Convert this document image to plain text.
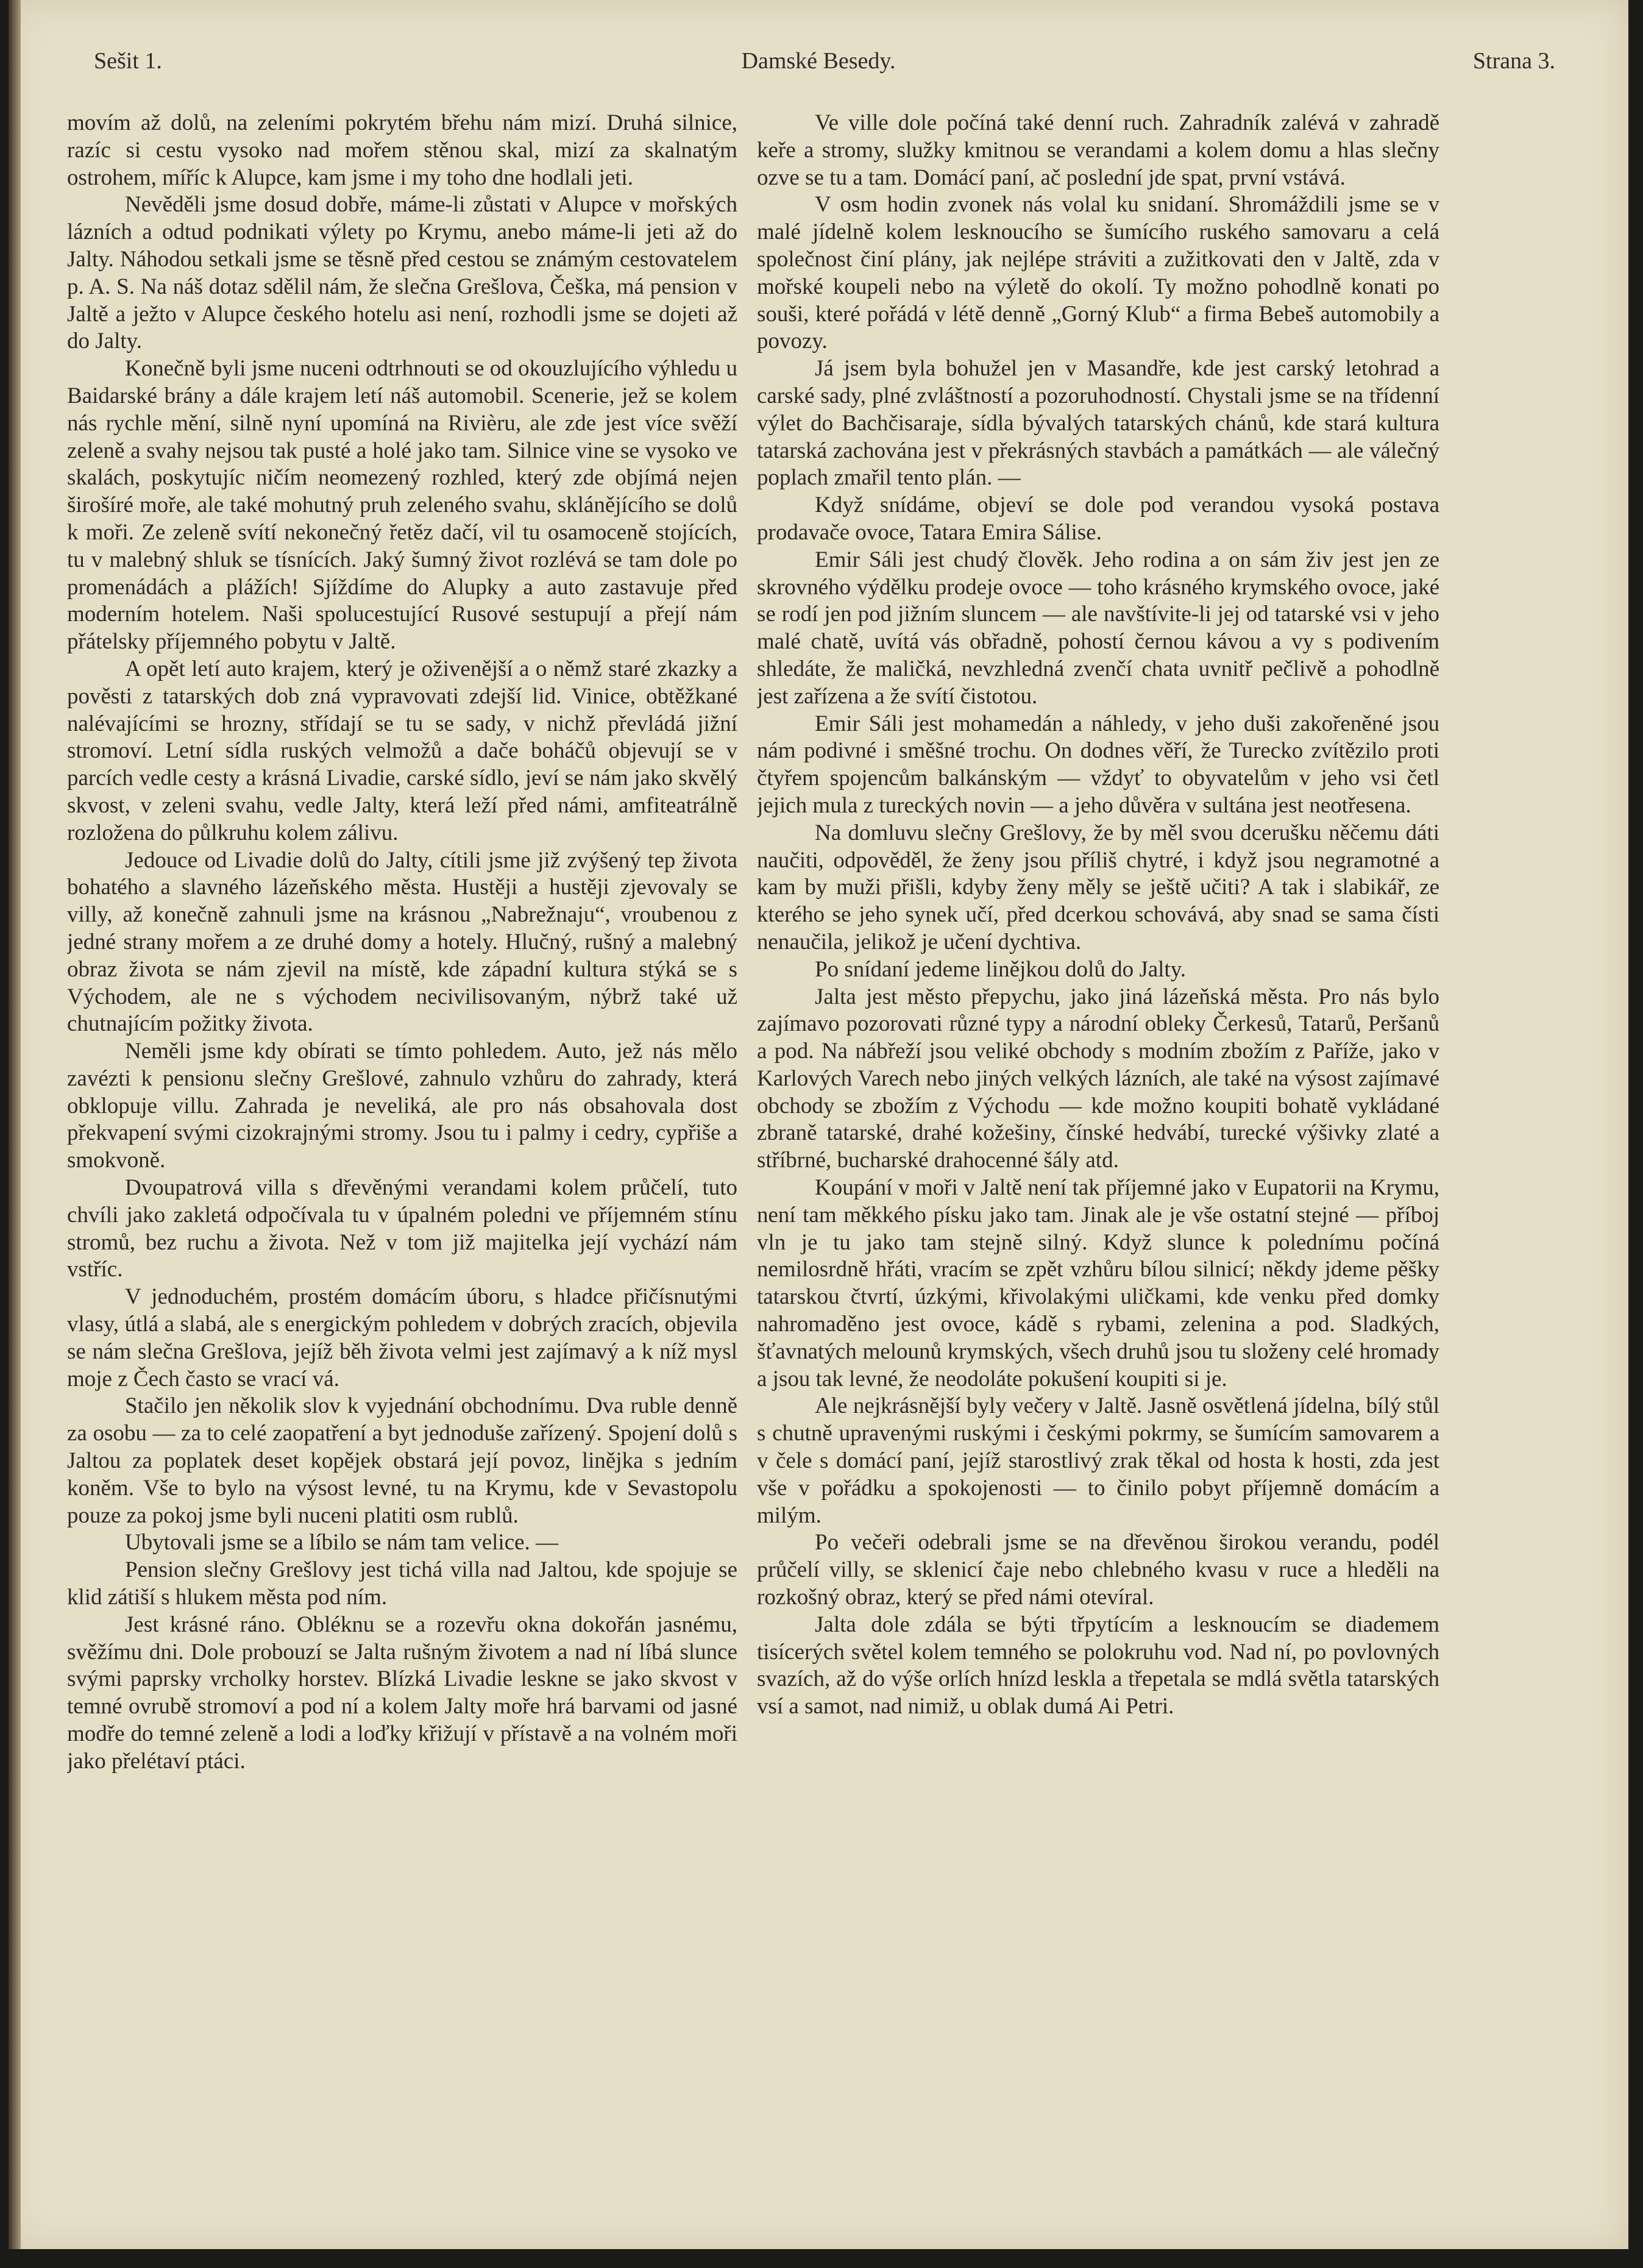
Sešit 1.	Damské Besedy.	Strana 3.

movím až dolů, na zeleními pokrytém břehu nám mizí. Druhá silnice, razíc si cestu vysoko nad mořem stěnou skal, mizí za skalnatým ostrohem, míříc k Alupce, kam jsme i my toho dne hodlali jeti.

Nevěděli jsme dosud dobře, máme-li zůstati v Alupce v mořských lázních a odtud podnikati výlety po Krymu, anebo máme-li jeti až do Jalty. Náhodou setkali jsme se těsně před cestou se známým cestovatelem p. A. S. Na náš dotaz sdělil nám, že slečna Grešlova, Češka, má pension v Jaltě a ježto v Alupce českého hotelu asi není, rozhodli jsme se dojeti až do Jalty.

Konečně byli jsme nuceni odtrhnouti se od okouzlujícího výhledu u Baidarské brány a dále krajem letí náš automobil. Scenerie, jež se kolem nás rychle mění, silně nyní upomíná na Rivièru, ale zde jest více svěží zeleně a svahy nejsou tak pusté a holé jako tam. Silnice vine se vysoko ve skalách, poskytujíc ničím neomezený rozhled, který zde objímá nejen širošíré moře, ale také mohutný pruh zeleného svahu, sklánějícího se dolů k moři. Ze zeleně svítí nekonečný řetěz dačí, vil tu osamoceně stojících, tu v malebný shluk se tísnících. Jaký šumný život rozlévá se tam dole po promenádách a plážích! Sjíždíme do Alupky a auto zastavuje před moderním hotelem. Naši spolucestující Rusové sestupují a přejí nám přátelsky příjemného pobytu v Jaltě.

A opět letí auto krajem, který je oživenější a o němž staré zkazky a pověsti z tatarských dob zná vypravovati zdejší lid. Vinice, obtěžkané nalévajícími se hrozny, střídají se tu se sady, v nichž převládá jižní stromoví. Letní sídla ruských velmožů a dače boháčů objevují se v parcích vedle cesty a krásná Livadie, carské sídlo, jeví se nám jako skvělý skvost, v zeleni svahu, vedle Jalty, která leží před námi, amfiteatrálně rozložena do půlkruhu kolem zálivu.

Jedouce od Livadie dolů do Jalty, cítili jsme již zvýšený tep života bohatého a slavného lázeňského města. Hustěji a hustěji zjevovaly se villy, až konečně zahnuli jsme na krásnou „Nabrežnaju“, vroubenou z jedné strany mořem a ze druhé domy a hotely. Hlučný, rušný a malebný obraz života se nám zjevil na místě, kde západní kultura stýká se s Východem, ale ne s východem necivilisovaným, nýbrž také už chutnajícím požitky života.

Neměli jsme kdy obírati se tímto pohledem. Auto, jež nás mělo zavézti k pensionu slečny Grešlové, zahnulo vzhůru do zahrady, která obklopuje villu. Zahrada je neveliká, ale pro nás obsahovala dost překvapení svými cizokrajnými stromy. Jsou tu i palmy i cedry, cypřiše a smokvoně.

Dvoupatrová villa s dřevěnými verandami kolem průčelí, tuto chvíli jako zakletá odpočívala tu v úpalném poledni ve příjemném stínu stromů, bez ruchu a života. Než v tom již majitelka její vychází nám vstříc.

V jednoduchém, prostém domácím úboru, s hladce přičísnutými vlasy, útlá a slabá, ale s energickým pohledem v dobrých zracích, objevila se nám slečna Grešlova, jejíž běh života velmi jest zajímavý a k níž mysl moje z Čech často se vrací vá.

Stačilo jen několik slov k vyjednání obchodnímu. Dva ruble denně za osobu — za to celé zaopatření a byt jednoduše zařízený. Spojení dolů s Jaltou za poplatek deset kopějek obstará její povoz, linějka s jedním koněm. Vše to bylo na výsost levné, tu na Krymu, kde v Sevastopolu pouze za pokoj jsme byli nuceni platiti osm rublů.

Ubytovali jsme se a líbilo se nám tam velice. —

Pension slečny Grešlovy jest tichá villa nad Jaltou, kde spojuje se klid zátiší s hlukem města pod ním.

Jest krásné ráno. Obléknu se a rozevřu okna dokořán jasnému, svěžímu dni. Dole probouzí se Jalta rušným životem a nad ní líbá slunce svými paprsky vrcholky horstev. Blízká Livadie leskne se jako skvost v temné ovrubě stromoví a pod ní a kolem Jalty moře hrá barvami od jasné modře do temné zeleně a lodi a loďky křižují v přístavě a na volném moři jako přelétaví ptáci.

Ve ville dole počíná také denní ruch. Zahradník zalévá v zahradě keře a stromy, služky kmitnou se verandami a kolem domu a hlas slečny ozve se tu a tam. Domácí paní, ač poslední jde spat, první vstává.

V osm hodin zvonek nás volal ku snidaní. Shromáždili jsme se v malé jídelně kolem lesknoucího se šumícího ruského samovaru a celá společnost činí plány, jak nejlépe stráviti a zužitkovati den v Jaltě, zda v mořské koupeli nebo na výletě do okolí. Ty možno pohodlně konati po souši, které pořádá v létě denně „Gorný Klub“ a firma Bebeš automobily a povozy.

Já jsem byla bohužel jen v Masandře, kde jest carský letohrad a carské sady, plné zvláštností a pozoruhodností. Chystali jsme se na třídenní výlet do Bachčisaraje, sídla bývalých tatarských chánů, kde stará kultura tatarská zachována jest v překrásných stavbách a památkách — ale válečný poplach zmařil tento plán. —

Když snídáme, objeví se dole pod verandou vysoká postava prodavače ovoce, Tatara Emira Sálise.

Emir Sáli jest chudý člověk. Jeho rodina a on sám živ jest jen ze skrovného výdělku prodeje ovoce — toho krásného krymského ovoce, jaké se rodí jen pod jižním sluncem — ale navštívite-li jej od tatarské vsi v jeho malé chatě, uvítá vás obřadně, pohostí černou kávou a vy s podivením shledáte, že maličká, nevzhledná zvenčí chata uvnitř pečlivě a pohodlně jest zařízena a že svítí čistotou.

Emir Sáli jest mohamedán a náhledy, v jeho duši zakořeněné jsou nám podivné i směšné trochu. On dodnes věří, že Turecko zvítězilo proti čtyřem spojencům balkánským — vždyť to obyvatelům v jeho vsi četl jejich mula z tureckých novin — a jeho důvěra v sultána jest neotřesena.

Na domluvu slečny Grešlovy, že by měl svou dcerušku něčemu dáti naučiti, odpověděl, že ženy jsou příliš chytré, i když jsou negramotné a kam by muži přišli, kdyby ženy měly se ještě učiti? A tak i slabikář, ze kterého se jeho synek učí, před dcerkou schovává, aby snad se sama čísti nenaučila, jelikož je učení dychtiva.

Po snídaní jedeme linějkou dolů do Jalty.

Jalta jest město přepychu, jako jiná lázeňská města. Pro nás bylo zajímavo pozorovati různé typy a národní obleky Čerkesů, Tatarů, Peršanů a pod. Na nábřeží jsou veliké obchody s modním zbožím z Paříže, jako v Karlových Varech nebo jiných velkých lázních, ale také na výsost zajímavé obchody se zbožím z Východu — kde možno koupiti bohatě vykládané zbraně tatarské, drahé kožešiny, čínské hedvábí, turecké výšivky zlaté a stříbrné, bucharské drahocenné šály atd.

Koupání v moři v Jaltě není tak příjemné jako v Eupatorii na Krymu, není tam měkkého písku jako tam. Jinak ale je vše ostatní stejné — příboj vln je tu jako tam stejně silný. Když slunce k polednímu počíná nemilosrdně hřáti, vracím se zpět vzhůru bílou silnicí; někdy jdeme pěšky tatarskou čtvrtí, úzkými, křivolakými uličkami, kde venku před domky nahromaděno jest ovoce, kádě s rybami, zelenina a pod. Sladkých, šťavnatých melounů krymských, všech druhů jsou tu složeny celé hromady a jsou tak levné, že neodoláte pokušení koupiti si je.

Ale nejkrásnější byly večery v Jaltě. Jasně osvětlená jídelna, bílý stůl s chutně upravenými ruskými i českými pokrmy, se šumícím samovarem a v čele s domácí paní, jejíž starostlivý zrak těkal od hosta k hosti, zda jest vše v pořádku a spokojenosti — to činilo pobyt příjemně domácím a milým.

Po večeři odebrali jsme se na dřevěnou širokou verandu, podél průčelí villy, se sklenicí čaje nebo chlebného kvasu v ruce a hleděli na rozkošný obraz, který se před námi otevíral.

Jalta dole zdála se býti třpytícím a lesknoucím se diademem tisícerých světel kolem temného se polokruhu vod. Nad ní, po povlovných svazích, až do výše orlích hnízd leskla a třepetala se mdlá světla tatarských vsí a samot, nad nimiž, u oblak dumá Ai Petri.
